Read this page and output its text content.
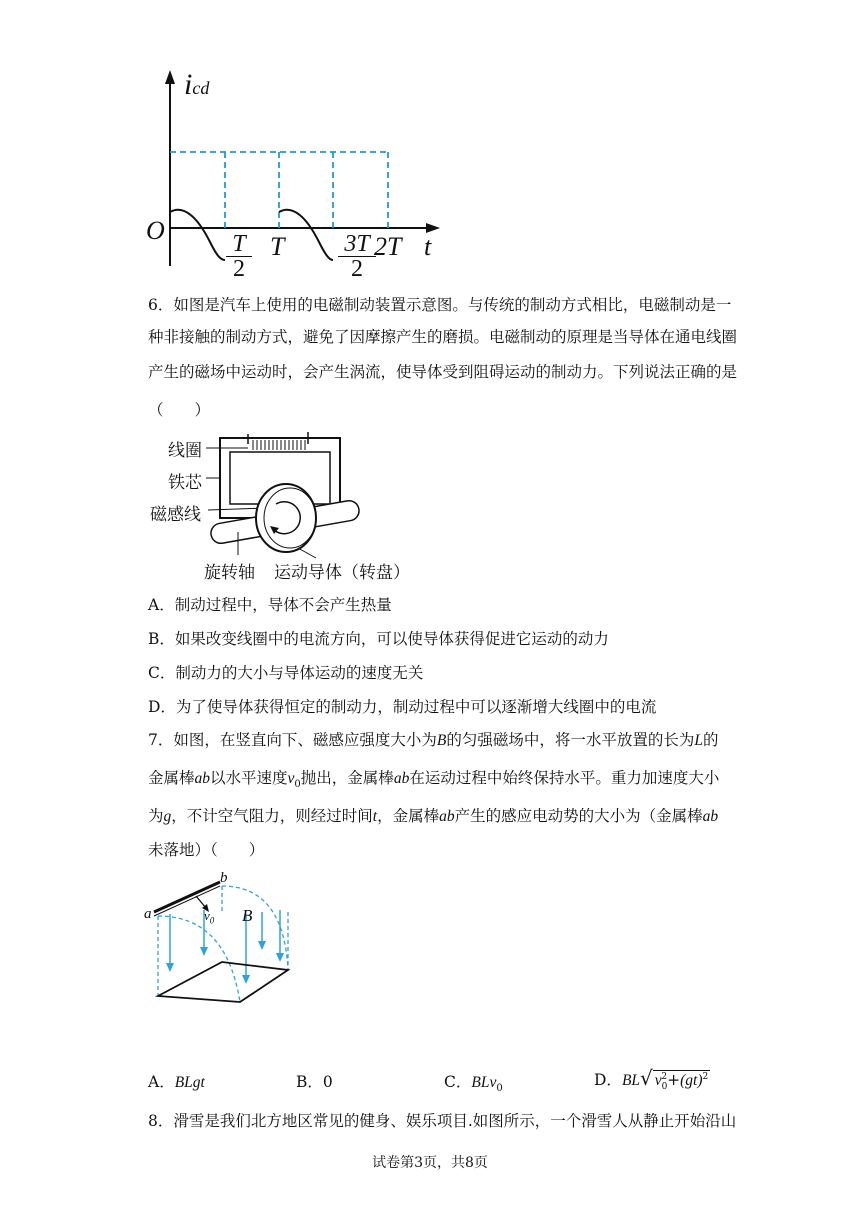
icd
O	T
2
T 3T
2
2T t
6．如图是汽车上使用的电磁制动装置示意图。与传统的制动方式相比，电磁制动是一
种非接触的制动方式，避免了因摩擦产生的磨损。电磁制动的原理是当导体在通电线圈
产生的磁场中运动时，会产生涡流，使导体受到阻碍运动的制动力。下列说法正确的是
（　　）
线圈
铁芯
磁感线
旋转轴 运动导体（转盘）
A．制动过程中，导体不会产生热量
B．如果改变线圈中的电流方向，可以使导体获得促进它运动的动力
C．制动力的大小与导体运动的速度无关
D．为了使导体获得恒定的制动力，制动过程中可以逐渐增大线圈中的电流
7．如图，在竖直向下、磁感应强度大小为B的匀强磁场中，将一水平放置的长为L的
金属棒ab以水平速度$v_0$抛出，金属棒ab在运动过程中始终保持水平。重力加速度大小
为g，不计空气阻力，则经过时间t，金属棒ab产生的感应电动势的大小为（金属棒ab
未落地）（　　）
a
b
$v_0$ B
A．BLgt	B．0	C．BLv$_0$	D．BL√ $v_0^2+(gt)^2$
8．滑雪是我们北方地区常见的健身、娱乐项目.如图所示，一个滑雪人从静止开始沿山
试卷第3页，共8页
